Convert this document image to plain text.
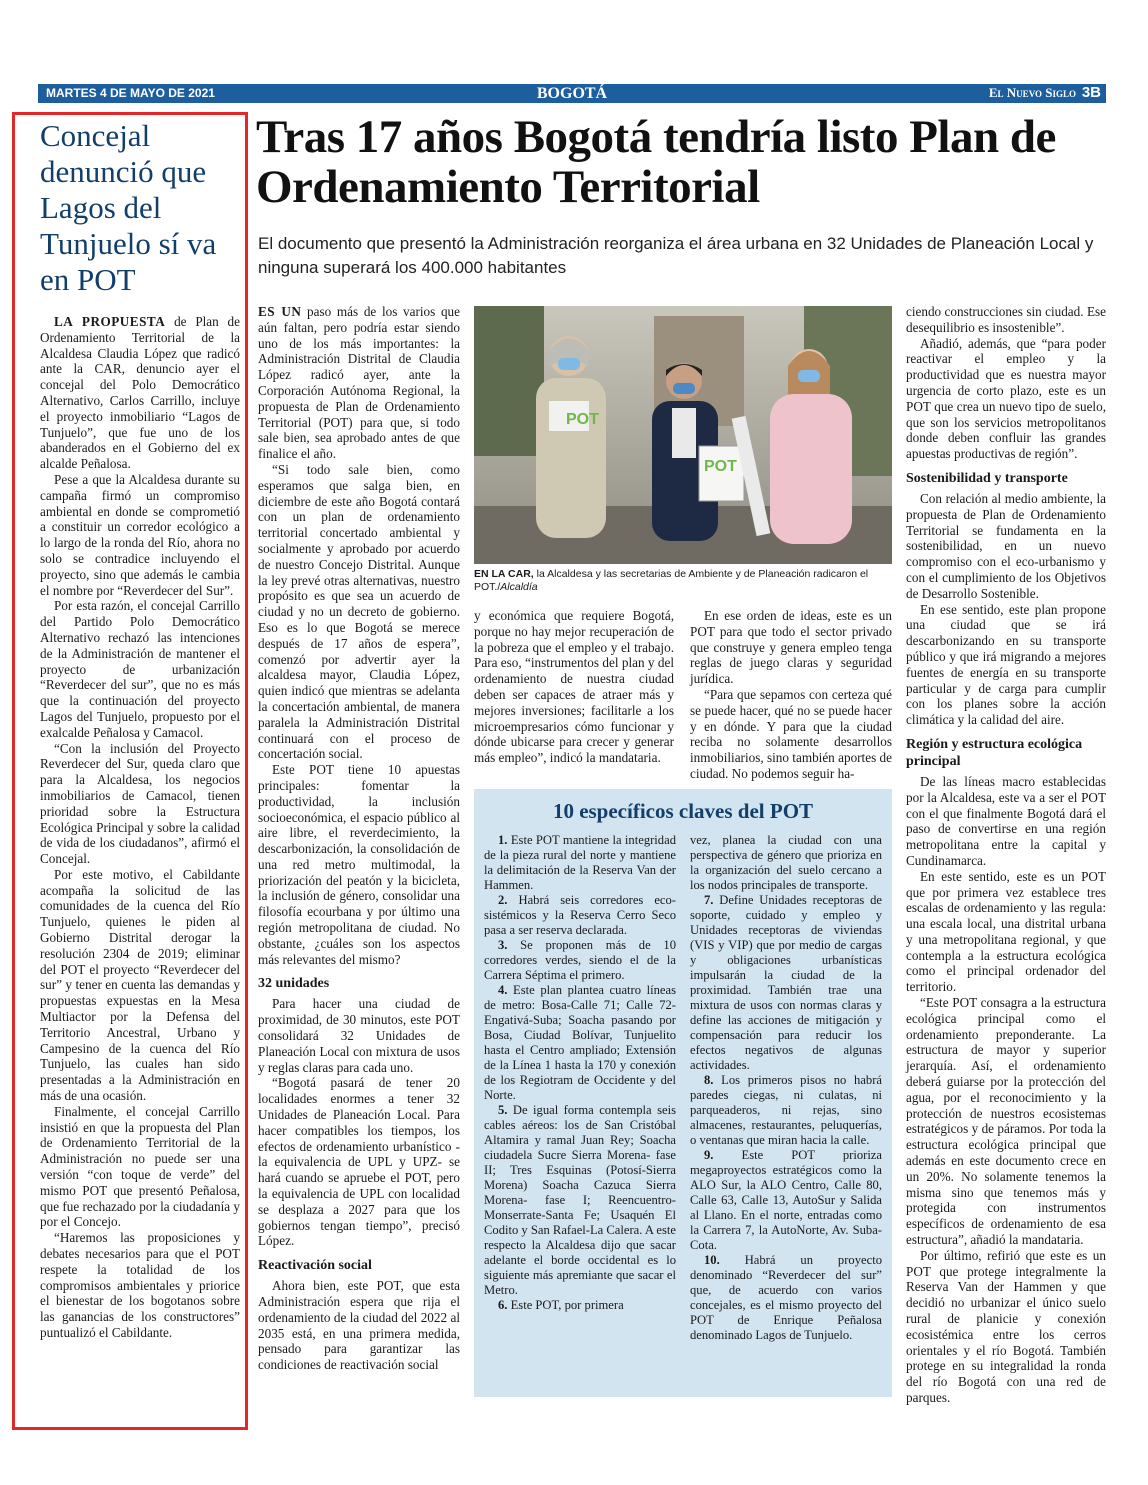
MARTES 4 DE MAYO DE 2021	BOGOTÁ	El Nuevo Siglo 3B
Concejal denunció que Lagos del Tunjuelo sí va en POT

LA PROPUESTA de Plan de Ordenamiento Territorial de la Alcaldesa Claudia López que radicó ante la CAR, denuncio ayer el concejal del Polo Democrático Alternativo, Carlos Carrillo, incluye el proyecto inmobiliario “Lagos de Tunjuelo”, que fue uno de los abanderados en el Gobierno del ex alcalde Peñalosa.

Pese a que la Alcaldesa durante su campaña firmó un compromiso ambiental en donde se comprometió a constituir un corredor ecológico a lo largo de la ronda del Río, ahora no solo se contradice incluyendo el proyecto, sino que además le cambia el nombre por “Reverdecer del Sur”.

Por esta razón, el concejal Carrillo del Partido Polo Democrático Alternativo rechazó las intenciones de la Administración de mantener el proyecto de urbanización “Reverdecer del sur”, que no es más que la continuación del proyecto Lagos del Tunjuelo, propuesto por el exalcalde Peñalosa y Camacol.

“Con la inclusión del Proyecto Reverdecer del Sur, queda claro que para la Alcaldesa, los negocios inmobiliarios de Camacol, tienen prioridad sobre la Estructura Ecológica Principal y sobre la calidad de vida de los ciudadanos”, afirmó el Concejal.

Por este motivo, el Cabildante acompaña la solicitud de las comunidades de la cuenca del Río Tunjuelo, quienes le piden al Gobierno Distrital derogar la resolución 2304 de 2019; eliminar del POT el proyecto “Reverdecer del sur” y tener en cuenta las demandas y propuestas expuestas en la Mesa Multiactor por la Defensa del Territorio Ancestral, Urbano y Campesino de la cuenca del Río Tunjuelo, las cuales han sido presentadas a la Administración en más de una ocasión.

Finalmente, el concejal Carrillo insistió en que la propuesta del Plan de Ordenamiento Territorial de la Administración no puede ser una versión “con toque de verde” del mismo POT que presentó Peñalosa, que fue rechazado por la ciudadanía y por el Concejo.

“Haremos las proposiciones y debates necesarios para que el POT respete la totalidad de los compromisos ambientales y priorice el bienestar de los bogotanos sobre las ganancias de los constructores” puntualizó el Cabildante.

Tras 17 años Bogotá tendría listo Plan de Ordenamiento Territorial
El documento que presentó la Administración reorganiza el área urbana en 32 Unidades de Planeación Local y ninguna superará los 400.000 habitantes

ES UN paso más de los varios que aún faltan, pero podría estar siendo uno de los más importantes: la Administración Distrital de Claudia López radicó ayer, ante la Corporación Autónoma Regional, la propuesta de Plan de Ordenamiento Territorial (POT) para que, si todo sale bien, sea aprobado antes de que finalice el año.

“Si todo sale bien, como esperamos que salga bien, en diciembre de este año Bogotá contará con un plan de ordenamiento territorial concertado ambiental y socialmente y aprobado por acuerdo de nuestro Concejo Distrital. Aunque la ley prevé otras alternativas, nuestro propósito es que sea un acuerdo de ciudad y no un decreto de gobierno. Eso es lo que Bogotá se merece después de 17 años de espera”, comenzó por advertir ayer la alcaldesa mayor, Claudia López, quien indicó que mientras se adelanta la concertación ambiental, de manera paralela la Administración Distrital continuará con el proceso de concertación social.

Este POT tiene 10 apuestas principales: fomentar la productividad, la inclusión socioeconómica, el espacio público al aire libre, el reverdecimiento, la descarbonización, la consolidación de una red metro multimodal, la priorización del peatón y la bicicleta, la inclusión de género, consolidar una filosofía ecourbana y por último una región metropolitana de ciudad. No obstante, ¿cuáles son los aspectos más relevantes del mismo?

32 unidades

Para hacer una ciudad de proximidad, de 30 minutos, este POT consolidará 32 Unidades de Planeación Local con mixtura de usos y reglas claras para cada uno.

“Bogotá pasará de tener 20 localidades enormes a tener 32 Unidades de Planeación Local. Para hacer compatibles los tiempos, los efectos de ordenamiento urbanístico -la equivalencia de UPL y UPZ- se hará cuando se apruebe el POT, pero la equivalencia de UPL con localidad se desplaza a 2027 para que los gobiernos tengan tiempo”, precisó López.

Reactivación social

Ahora bien, este POT, que esta Administración espera que rija el ordenamiento de la ciudad del 2022 al 2035 está, en una primera medida, pensado para garantizar las condiciones de reactivación social

POT
POT
EN LA CAR, la Alcaldesa y las secretarias de Ambiente y de Planeación radicaron el POT./Alcaldía

y económica que requiere Bogotá, porque no hay mejor recuperación de la pobreza que el empleo y el trabajo. Para eso, “instrumentos del plan y del ordenamiento de nuestra ciudad deben ser capaces de atraer más y mejores inversiones; facilitarle a los microempresarios cómo funcionar y dónde ubicarse para crecer y generar más empleo”, indicó la mandataria.

En ese orden de ideas, este es un POT para que todo el sector privado que construye y genera empleo tenga reglas de juego claras y seguridad jurídica.

“Para que sepamos con certeza qué se puede hacer, qué no se puede hacer y en dónde. Y para que la ciudad reciba no solamente desarrollos inmobiliarios, sino también aportes de ciudad. No podemos seguir ha-

ciendo construcciones sin ciudad. Ese desequilibrio es insostenible”.

Añadió, además, que “para poder reactivar el empleo y la productividad que es nuestra mayor urgencia de corto plazo, este es un POT que crea un nuevo tipo de suelo, que son los servicios metropolitanos donde deben confluir las grandes apuestas productivas de región”.

Sostenibilidad y transporte

Con relación al medio ambiente, la propuesta de Plan de Ordenamiento Territorial se fundamenta en la sostenibilidad, en un nuevo compromiso con el eco-urbanismo y con el cumplimiento de los Objetivos de Desarrollo Sostenible.

En ese sentido, este plan propone una ciudad que se irá descarbonizando en su transporte público y que irá migrando a mejores fuentes de energía en su transporte particular y de carga para cumplir con los planes sobre la acción climática y la calidad del aire.

Región y estructura ecológica principal

De las líneas macro establecidas por la Alcaldesa, este va a ser el POT con el que finalmente Bogotá dará el paso de convertirse en una región metropolitana entre la capital y Cundinamarca.

En este sentido, este es un POT que por primera vez establece tres escalas de ordenamiento y las regula: una escala local, una distrital urbana y una metropolitana regional, y que contempla a la estructura ecológica como el principal ordenador del territorio.

“Este POT consagra a la estructura ecológica principal como el ordenamiento preponderante. La estructura de mayor y superior jerarquía. Así, el ordenamiento deberá guiarse por la protección del agua, por el reconocimiento y la protección de nuestros ecosistemas estratégicos y de páramos. Por toda la estructura ecológica principal que además en este documento crece en un 20%. No solamente tenemos la misma sino que tenemos más y protegida con instrumentos específicos de ordenamiento de esa estructura”, añadió la mandataria.

Por último, refirió que este es un POT que protege integralmente la Reserva Van der Hammen y que decidió no urbanizar el único suelo rural de planicie y conexión ecosistémica entre los cerros orientales y el río Bogotá. También protege en su integralidad la ronda del río Bogotá con una red de parques.

10 específicos claves del POT

1. Este POT mantiene la integridad de la pieza rural del norte y mantiene la delimitación de la Reserva Van der Hammen.

2. Habrá seis corredores eco-sistémicos y la Reserva Cerro Seco pasa a ser reserva declarada.

3. Se proponen más de 10 corredores verdes, siendo el de la Carrera Séptima el primero.

4. Este plan plantea cuatro líneas de metro: Bosa-Calle 71; Calle 72-Engativá-Suba; Soacha pasando por Bosa, Ciudad Bolívar, Tunjuelito hasta el Centro ampliado; Extensión de la Línea 1 hasta la 170 y conexión de los Regiotram de Occidente y del Norte.

5. De igual forma contempla seis cables aéreos: los de San Cristóbal Altamira y ramal Juan Rey; Soacha ciudadela Sucre Sierra Morena- fase II; Tres Esquinas (Potosí-Sierra Morena) Soacha Cazuca Sierra Morena- fase I; Reencuentro-Monserrate-Santa Fe; Usaquén El Codito y San Rafael-La Calera. A este respecto la Alcaldesa dijo que sacar adelante el borde occidental es lo siguiente más apremiante que sacar el Metro.

6. Este POT, por primera

vez, planea la ciudad con una perspectiva de género que prioriza en la organización del suelo cercano a los nodos principales de transporte.

7. Define Unidades receptoras de soporte, cuidado y empleo y Unidades receptoras de viviendas (VIS y VIP) que por medio de cargas y obligaciones urbanísticas impulsarán la ciudad de la proximidad. También trae una mixtura de usos con normas claras y define las acciones de mitigación y compensación para reducir los efectos negativos de algunas actividades.

8. Los primeros pisos no habrá paredes ciegas, ni culatas, ni parqueaderos, ni rejas, sino almacenes, restaurantes, peluquerías, o ventanas que miran hacia la calle.

9. Este POT prioriza megaproyectos estratégicos como la ALO Sur, la ALO Centro, Calle 80, Calle 63, Calle 13, AutoSur y Salida al Llano. En el norte, entradas como la Carrera 7, la AutoNorte, Av. Suba-Cota.

10. Habrá un proyecto denominado “Reverdecer del sur” que, de acuerdo con varios concejales, es el mismo proyecto del POT de Enrique Peñalosa denominado Lagos de Tunjuelo.
